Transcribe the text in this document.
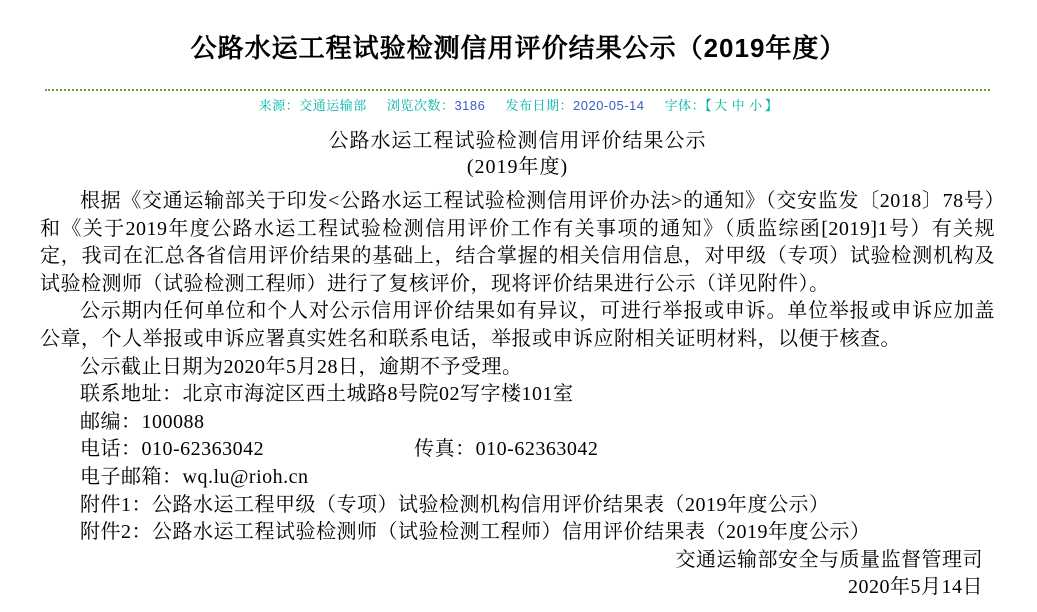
公路水运工程试验检测信用评价结果公示（2019年度）
来源：交通运输部 浏览次数：3186 发布日期：2020-05-14 字体：【 大 中 小 】
公路水运工程试验检测信用评价结果公示
(2019年度)

根据《交通运输部关于印发<公路水运工程试验检测信用评价办法>的通知》（交安监发〔2018〕78号）和《关于2019年度公路水运工程试验检测信用评价工作有关事项的通知》（质监综函[2019]1号）有关规定，我司在汇总各省信用评价结果的基础上，结合掌握的相关信用信息，对甲级（专项）试验检测机构及试验检测师（试验检测工程师）进行了复核评价，现将评价结果进行公示（详见附件）。

公示期内任何单位和个人对公示信用评价结果如有异议，可进行举报或申诉。单位举报或申诉应加盖公章，个人举报或申诉应署真实姓名和联系电话，举报或申诉应附相关证明材料，以便于核查。

公示截止日期为2020年5月28日，逾期不予受理。

联系地址：北京市海淀区西土城路8号院02写字楼101室

邮编：100088

电话：010-62363042	传真：010-62363042

电子邮箱：wq.lu@rioh.cn

附件1：公路水运工程甲级（专项）试验检测机构信用评价结果表（2019年度公示）

附件2：公路水运工程试验检测师（试验检测工程师）信用评价结果表（2019年度公示）

交通运输部安全与质量监督管理司

2020年5月14日
